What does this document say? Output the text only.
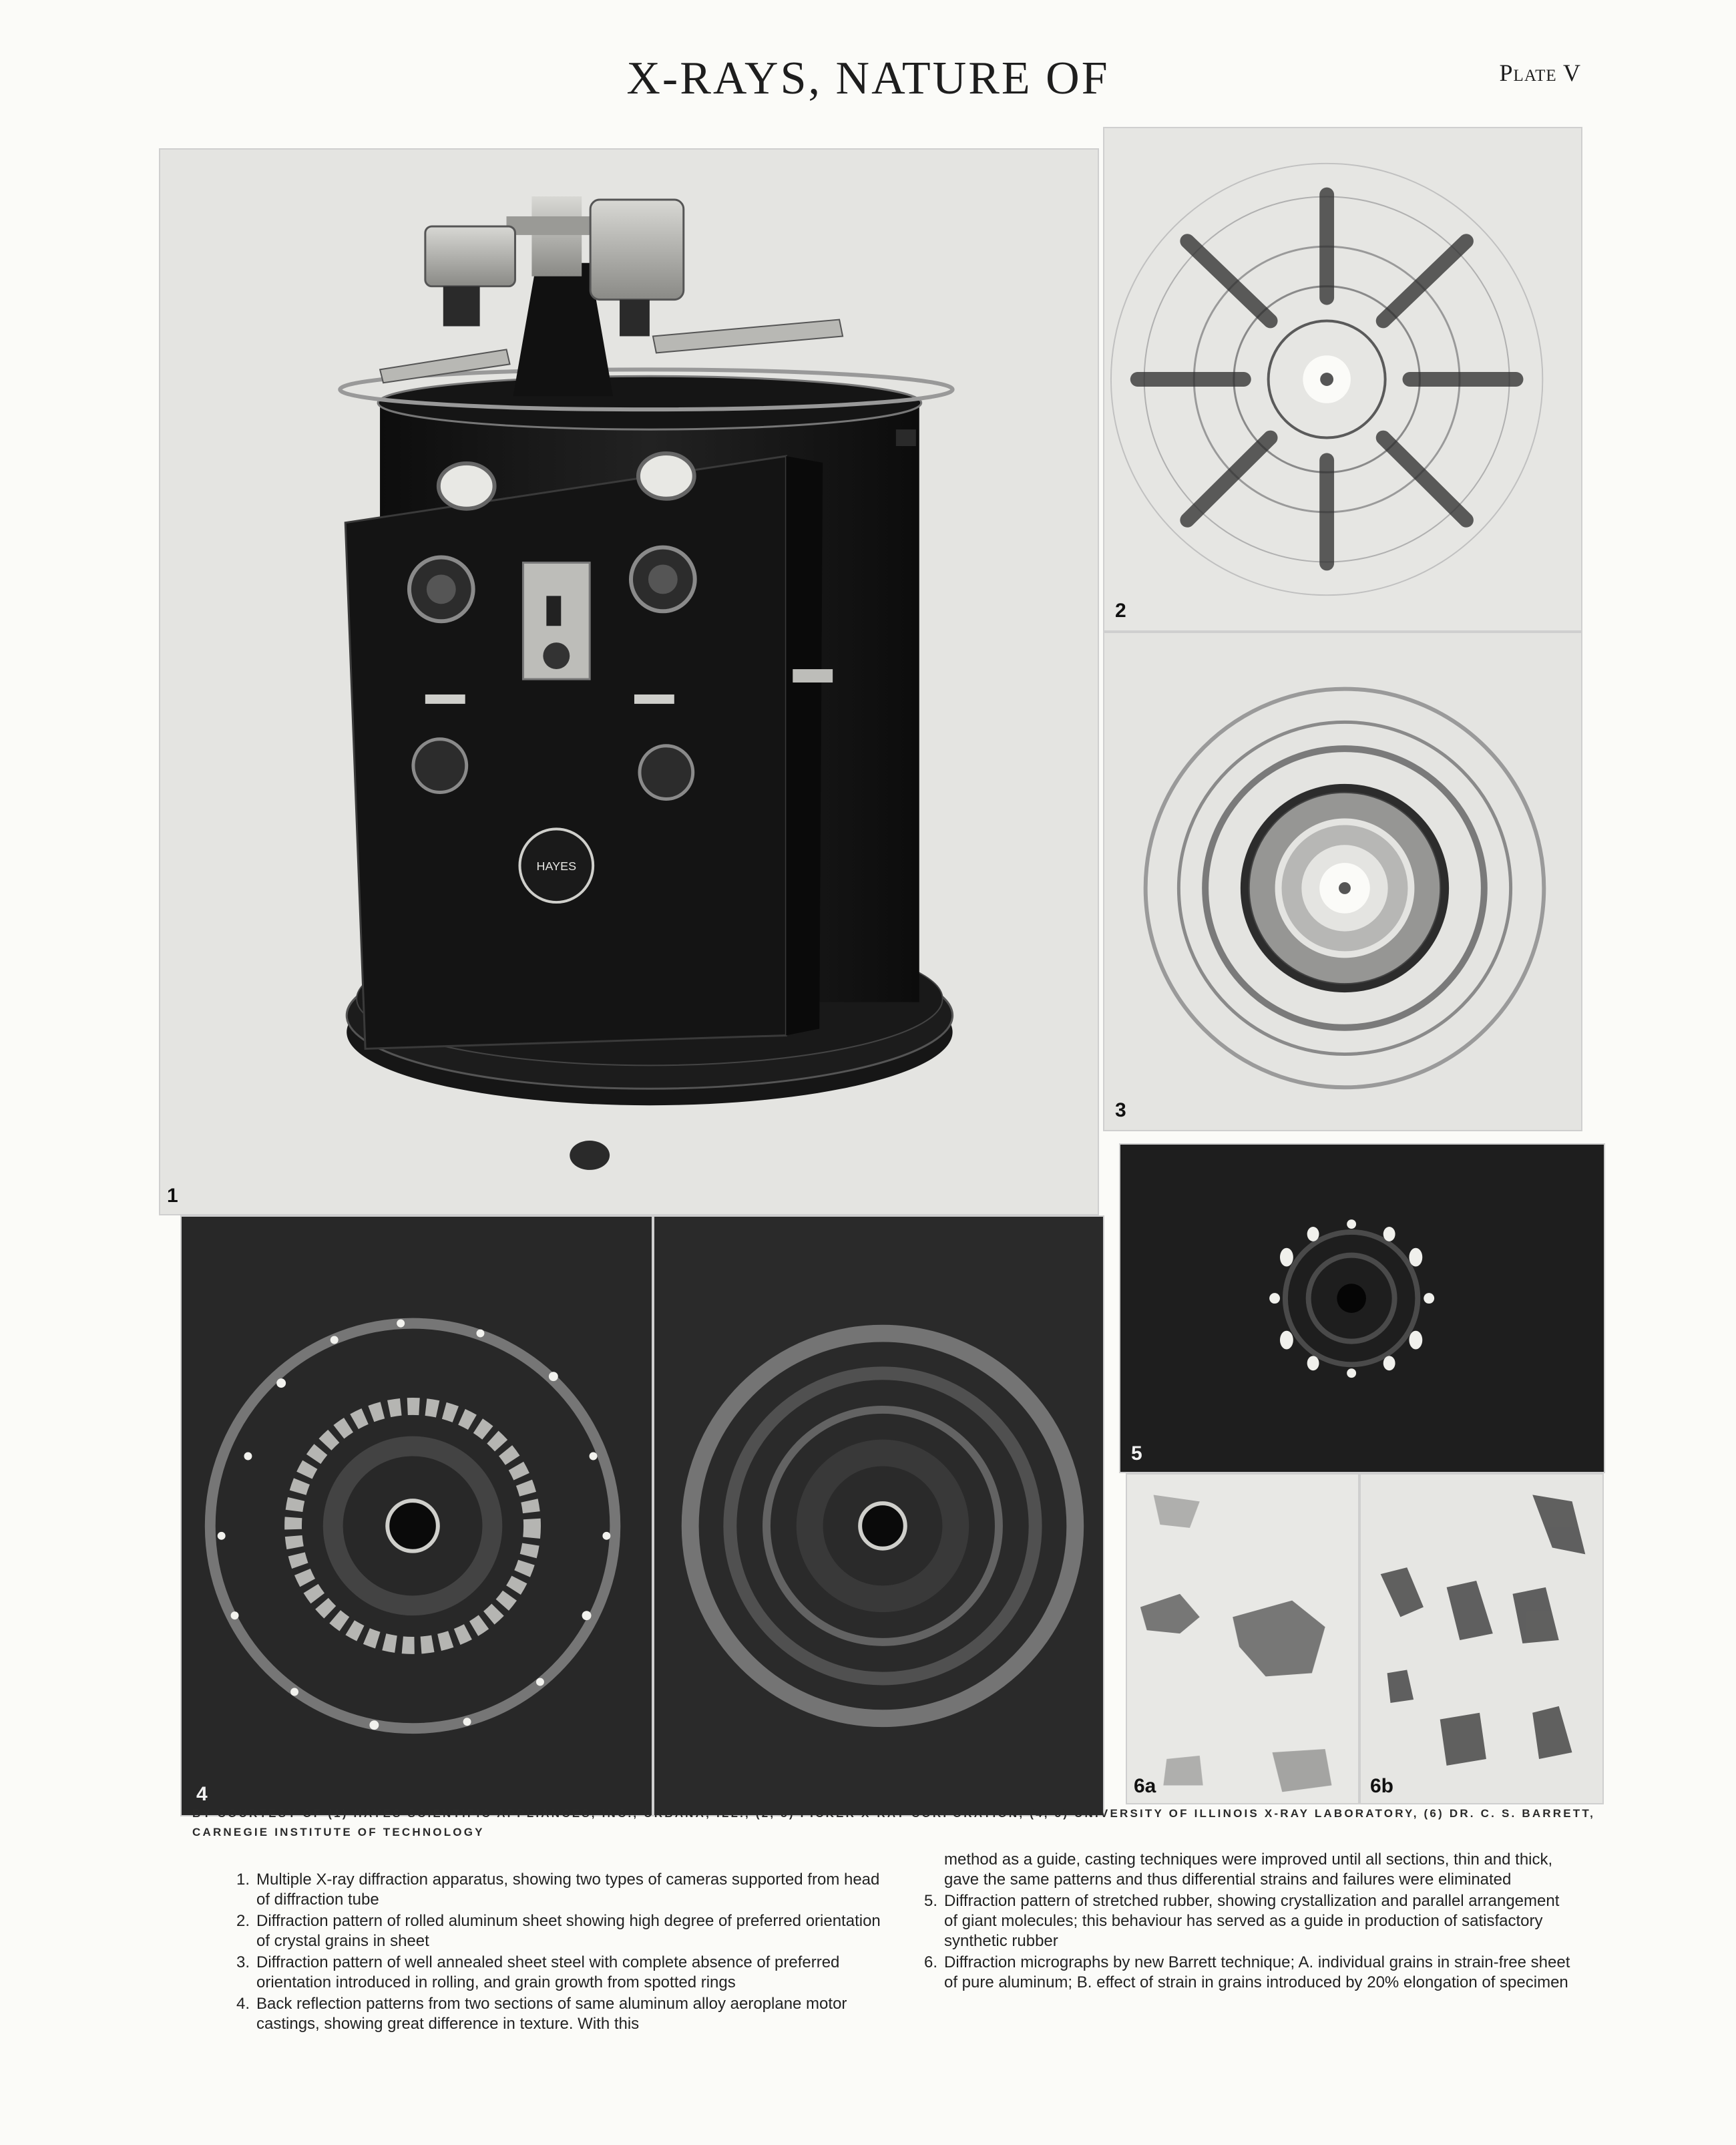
X-RAYS, NATURE OF	Plate V
HAYES
1
2
3
4
5
6a	6b
BY COURTESY OF (1) HAYES SCIENTIFIC APPLIANCES, INC., URBANA, ILL., (2, 3) PICKER X-RAY CORPORATION, (4, 5) UNIVERSITY OF ILLINOIS X-RAY LABORATORY, (6) DR. C. S. BARRETT, CARNEGIE INSTITUTE OF TECHNOLOGY
1. Multiple X-ray diffraction apparatus, showing two types of cameras supported from head of diffraction tube
2. Diffraction pattern of rolled aluminum sheet showing high degree of preferred orientation of crystal grains in sheet
3. Diffraction pattern of well annealed sheet steel with complete absence of preferred orientation introduced in rolling, and grain growth from spotted rings
4. Back reflection patterns from two sections of same aluminum alloy aeroplane motor castings, showing great difference in texture. With this
method as a guide, casting techniques were improved until all sections, thin and thick, gave the same patterns and thus differential strains and failures were eliminated
5. Diffraction pattern of stretched rubber, showing crystallization and parallel arrangement of giant molecules; this behaviour has served as a guide in production of satisfactory synthetic rubber
6. Diffraction micrographs by new Barrett technique; A. individual grains in strain-free sheet of pure aluminum; B. effect of strain in grains introduced by 20% elongation of specimen
